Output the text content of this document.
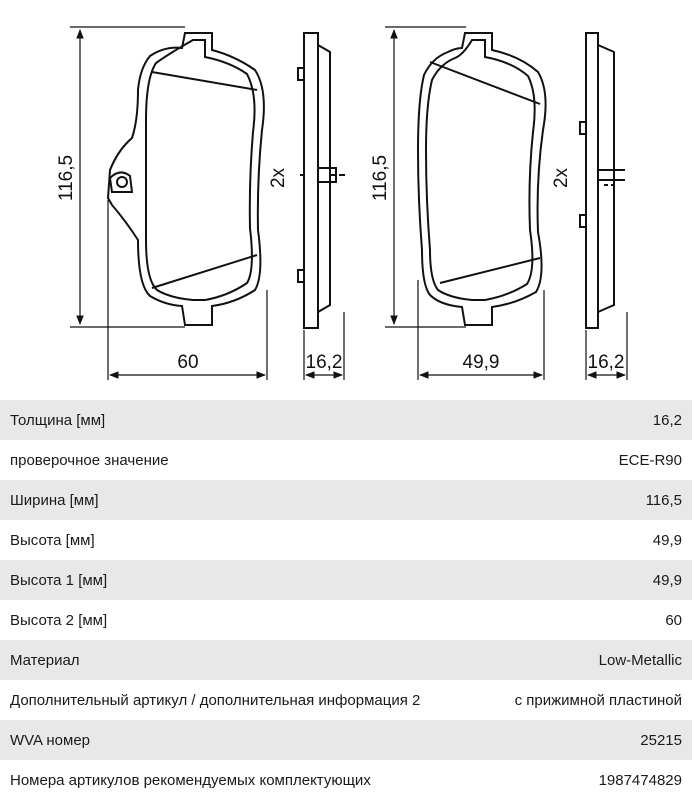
116,5
60
2x
16,2
116,5
49,9
2x
16,2
Толщина [мм]	16,2
проверочное значение	ECE-R90
Ширина [мм]	116,5
Высота [мм]	49,9
Высота 1 [мм]	49,9
Высота 2 [мм]	60
Материал	Low-Metallic
Дополнительный артикул / дополнительная информация 2	с прижимной пластиной
WVA номер	25215
Номера артикулов рекомендуемых комплектующих	1987474829
